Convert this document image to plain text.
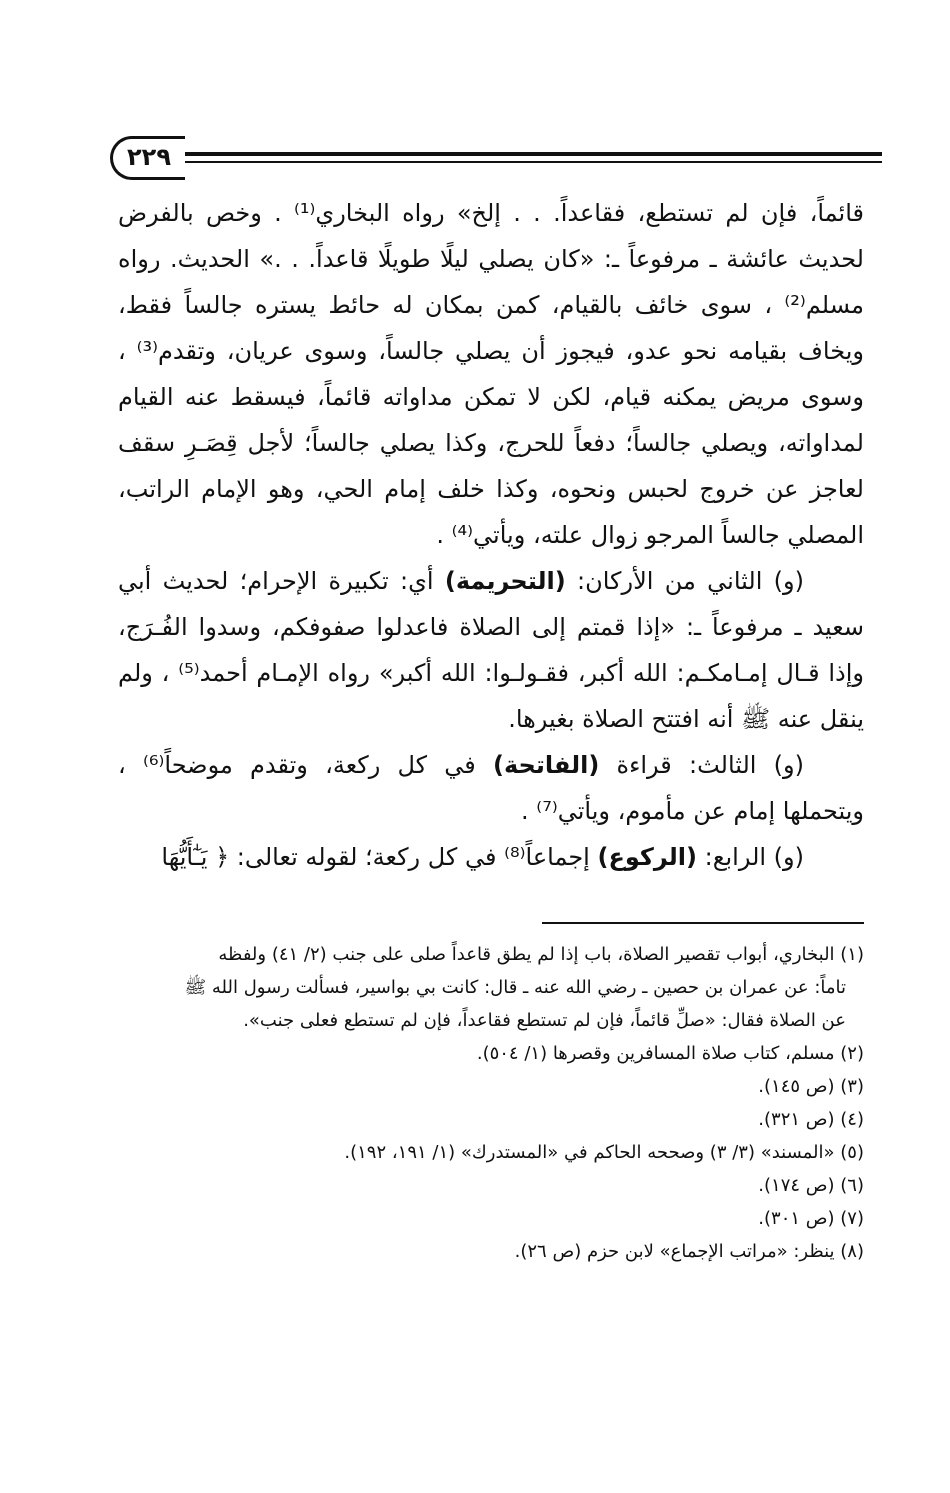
٢٢٩

قائماً، فإن لم تستطع، فقاعداً. . . إلخ» رواه البخاري⁽¹⁾ . وخص بالفرض لحديث عائشة ـ مرفوعاً ـ: «كان يصلي ليلًا طويلًا قاعداً. . .» الحديث. رواه مسلم⁽²⁾ ، سوى خائف بالقيام، كمن بمكان له حائط يستره جالساً فقط، ويخاف بقيامه نحو عدو، فيجوز أن يصلي جالساً، وسوى عريان، وتقدم⁽³⁾ ، وسوى مريض يمكنه قيام، لكن لا تمكن مداواته قائماً، فيسقط عنه القيام لمداواته، ويصلي جالساً؛ دفعاً للحرج، وكذا يصلي جالساً؛ لأجل قِصَـرِ سقف لعاجز عن خروج لحبس ونحوه، وكذا خلف إمام الحي، وهو الإمام الراتب، المصلي جالساً المرجو زوال علته، ويأتي⁽⁴⁾ .

(و) الثاني من الأركان: (التحريمة) أي: تكبيرة الإحرام؛ لحديث أبي سعيد ـ مرفوعاً ـ: «إذا قمتم إلى الصلاة فاعدلوا صفوفكم، وسدوا الفُـرَج، وإذا قـال إمـامكـم: الله أكبر، فقـولـوا: الله أكبر» رواه الإمـام أحمد⁽⁵⁾ ، ولم ينقل عنه ﷺ أنه افتتح الصلاة بغيرها.

(و) الثالث: قراءة (الفاتحة) في كل ركعة، وتقدم موضحاً⁽⁶⁾ ، ويتحملها إمام عن مأموم، ويأتي⁽⁷⁾ .

(و) الرابع: (الركوع) إجماعاً⁽⁸⁾ في كل ركعة؛ لقوله تعالى: ﴿ يَـٰٓأَيُّهَا

(١) البخاري، أبواب تقصير الصلاة، باب إذا لم يطق قاعداً صلى على جنب (٢/ ٤١) ولفظه

تاماً: عن عمران بن حصين ـ رضي الله عنه ـ قال: كانت بي بواسير، فسألت رسول الله ﷺ

عن الصلاة فقال: «صلِّ قائماً، فإن لم تستطع فقاعداً، فإن لم تستطع فعلى جنب».

(٢) مسلم، كتاب صلاة المسافرين وقصرها (١/ ٥٠٤).

(٣) (ص ١٤٥).

(٤) (ص ٣٢١).

(٥) «المسند» (٣/ ٣) وصححه الحاكم في «المستدرك» (١/ ١٩١، ١٩٢).

(٦) (ص ١٧٤).

(٧) (ص ٣٠١).

(٨) ينظر: «مراتب الإجماع» لابن حزم (ص ٢٦).
